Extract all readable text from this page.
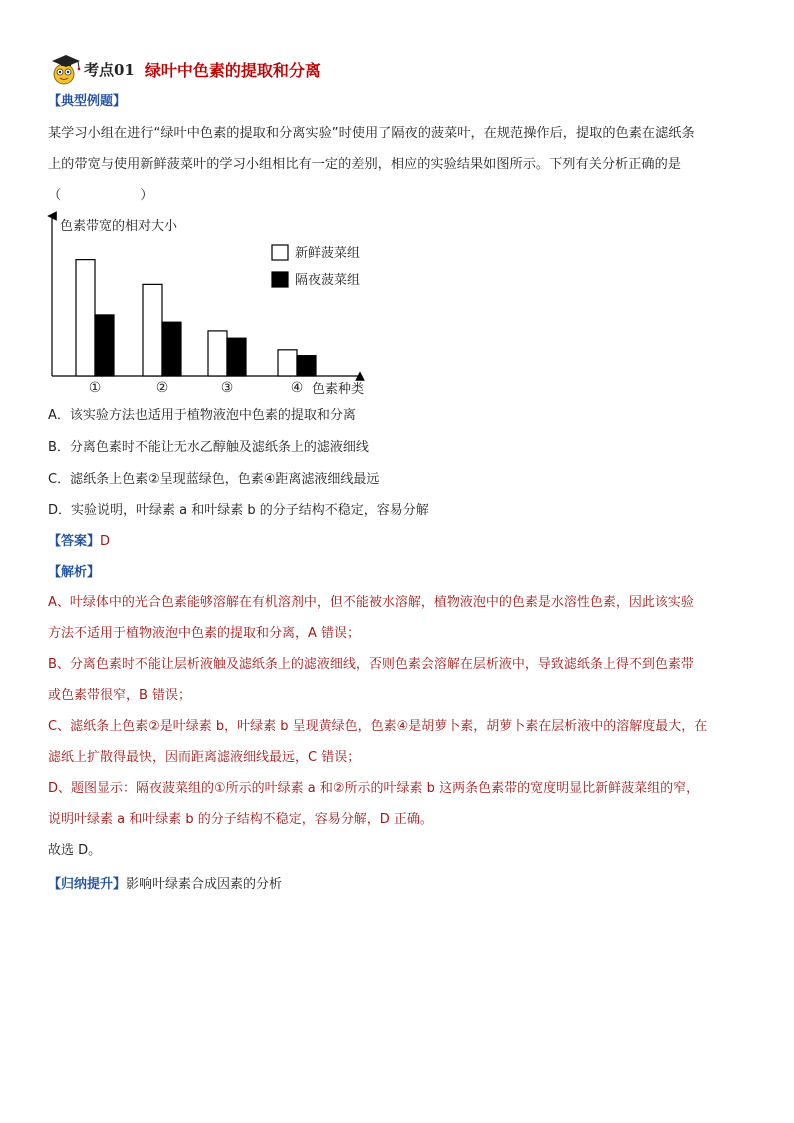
考点01 绿叶中色素的提取和分离
【典型例题】
某学习小组在进行“绿叶中色素的提取和分离实验”时使用了隔夜的菠菜叶，在规范操作后，提取的色素在滤纸条
上的带宽与使用新鲜菠菜叶的学习小组相比有一定的差别，相应的实验结果如图所示。下列有关分析正确的是
（　　　　　　）
色素带宽的相对大小
色素种类
①	②	③	④
新鲜菠菜组
隔夜菠菜组
A．该实验方法也适用于植物液泡中色素的提取和分离
B．分离色素时不能让无水乙醇触及滤纸条上的滤液细线
C．滤纸条上色素②呈现蓝绿色，色素④距离滤液细线最远
D．实验说明，叶绿素 a 和叶绿素 b 的分子结构不稳定，容易分解
【答案】D
【解析】
A、叶绿体中的光合色素能够溶解在有机溶剂中，但不能被水溶解，植物液泡中的色素是水溶性色素，因此该实验
方法不适用于植物液泡中色素的提取和分离，A 错误；
B、分离色素时不能让层析液触及滤纸条上的滤液细线，否则色素会溶解在层析液中，导致滤纸条上得不到色素带
或色素带很窄，B 错误；
C、滤纸条上色素②是叶绿素 b，叶绿素 b 呈现黄绿色，色素④是胡萝卜素，胡萝卜素在层析液中的溶解度最大，在
滤纸上扩散得最快，因而距离滤液细线最远，C 错误；
D、题图显示：隔夜菠菜组的①所示的叶绿素 a 和②所示的叶绿素 b 这两条色素带的宽度明显比新鲜菠菜组的窄，
说明叶绿素 a 和叶绿素 b 的分子结构不稳定，容易分解，D 正确。
故选 D。
【归纳提升】影响叶绿素合成因素的分析
